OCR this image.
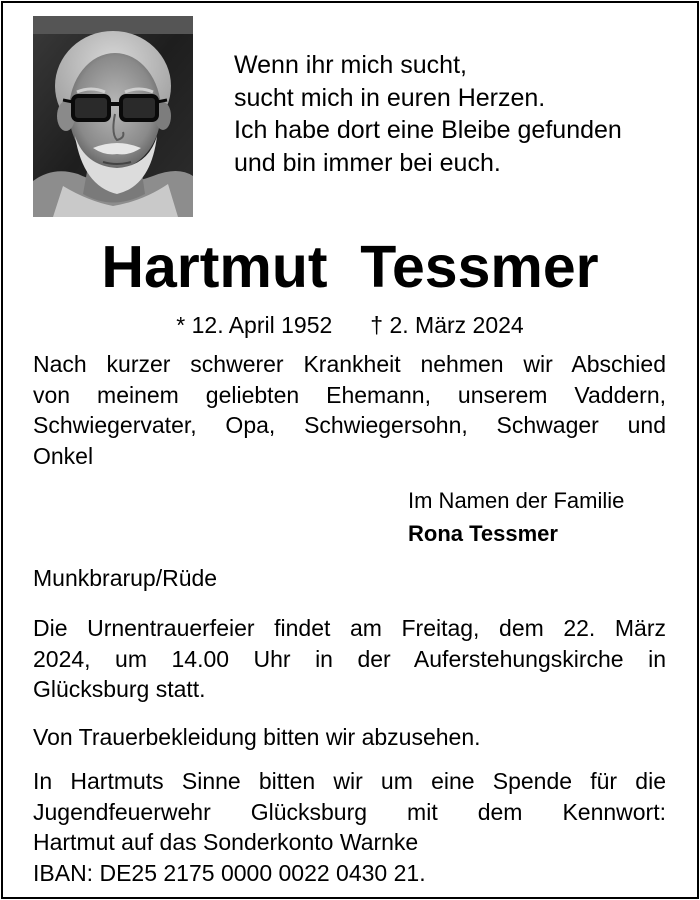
Wenn ihr mich sucht,
sucht mich in euren Herzen.
Ich habe dort eine Bleibe gefunden
und bin immer bei euch.
Hartmut  Tessmer
* 12. April 1952 † 2. März 2024
Nach kurzer schwerer Krankheit nehmen wir Abschied
von meinem geliebten Ehemann, unserem Vaddern,
Schwiegervater, Opa, Schwiegersohn, Schwager und
Onkel
Im Namen der Familie
Rona Tessmer
Munkbrarup/Rüde
Die Urnentrauerfeier findet am Freitag, dem 22. März
2024, um 14.00 Uhr in der Auferstehungskirche in
Glücksburg statt.
Von Trauerbekleidung bitten wir abzusehen.
In Hartmuts Sinne bitten wir um eine Spende für die
Jugendfeuerwehr Glücksburg mit dem Kennwort:
Hartmut auf das Sonderkonto Warnke
IBAN: DE25 2175 0000 0022 0430 21.
